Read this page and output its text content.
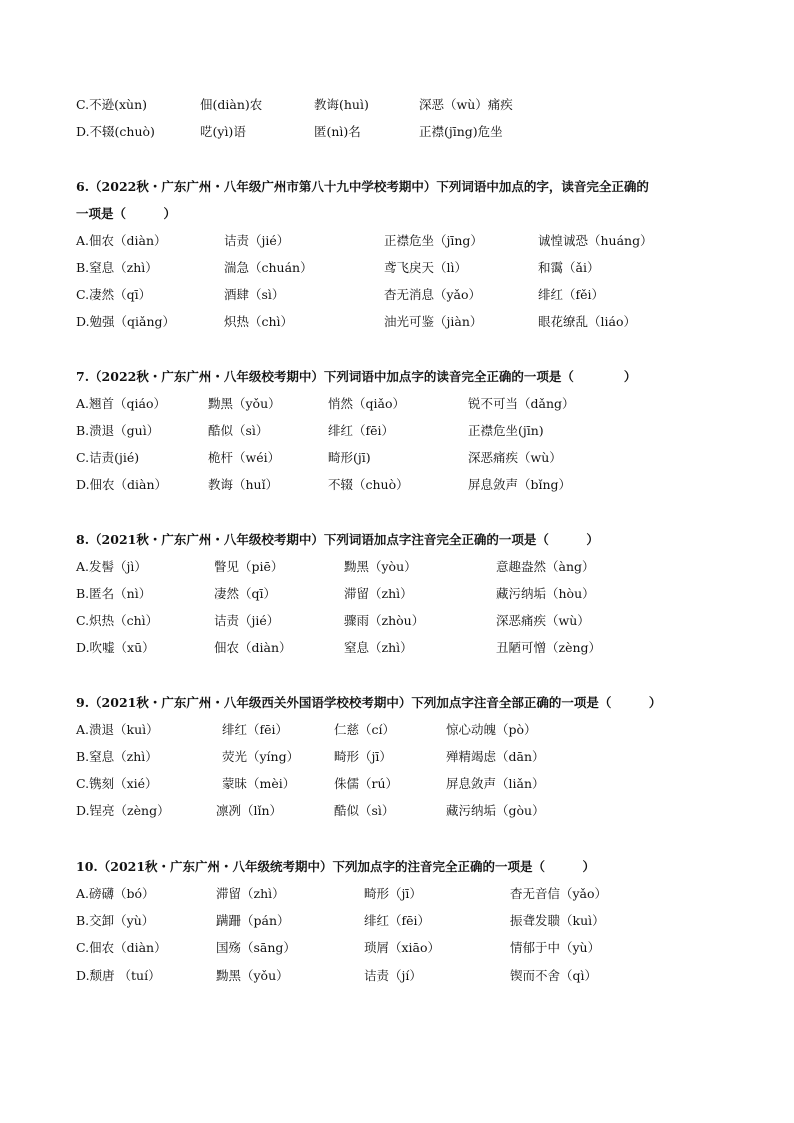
C.不逊(xùn)	佃(diàn)农	教诲(huì)	深恶（wù）痛疾
D.不辍(chuò)	呓(yì)语	匿(nì)名	正襟(jīng)危坐
6.（2022秋・广东广州・八年级广州市第八十九中学校考期中）下列词语中加点的字，读音完全正确的
一项是（　　　）
A.佃农（diàn）	诘责（jié）	正襟危坐（jīng）	诚惶诚恐（huáng）
B.窒息（zhì）	湍急（chuán）	鸢飞戾天（lì）	和霭（ǎi）
C.凄然（qī）	酒肆（sì）	杳无消息（yǎo）	绯红（fěi）
D.勉强（qiǎng）	炽热（chì）	油光可鉴（jiàn）	眼花缭乱（liáo）
7.（2022秋・广东广州・八年级校考期中）下列词语中加点字的读音完全正确的一项是（　　　　）
A.翘首（qiáo）	黝黑（yǒu）	悄然（qiǎo）	锐不可当（dǎng）
B.溃退（guì）	酷似（sì）	绯红（fēi）	正襟危坐(jīn)
C.诘责(jié)	桅杆（wéi）	畸形(jī)	深恶痛疾（wù）
D.佃农（diàn）	教诲（huǐ）	不辍（chuò）	屏息敛声（bǐng）
8.（2021秋・广东广州・八年级校考期中）下列词语加点字注音完全正确的一项是（　　　）
A.发髻（jì）	瞥见（piē）	黝黑（yòu）	意趣盎然（àng）
B.匿名（nì）	凄然（qī）	滞留（zhì）	藏污纳垢（hòu）
C.炽热（chì）	诘责（jié）	骤雨（zhòu）	深恶痛疾（wù）
D.吹嘘（xū）	佃农（diàn）	窒息（zhì）	丑陋可憎（zèng）
9.（2021秋・广东广州・八年级西关外国语学校校考期中）下列加点字注音全部正确的一项是（　　　）
A.溃退（kuì）	绯红（fēi）	仁慈（cí）	惊心动魄（pò）
B.窒息（zhì）	荧光（yíng）	畸形（jī）	殚精竭虑（dān）
C.镌刻（xié）	蒙昧（mèi）	侏儒（rú）	屏息敛声（liǎn）
D.锃亮（zèng）	凛冽（lǐn）	酷似（sì）	藏污纳垢（gòu）
10.（2021秋・广东广州・八年级统考期中）下列加点字的注音完全正确的一项是（　　　）
A.磅礴（bó）	滞留（zhì）	畸形（jī）	杳无音信（yǎo）
B.交卸（yù）	蹒跚（pán）	绯红（fēi）	振聋发聩（kuì）
C.佃农（diàn）	国殇（sāng）	琐屑（xiāo）	情郁于中（yù）
D.颓唐 （tuí）	黝黑（yǒu）	诘责（jí）	锲而不舍（qì）
